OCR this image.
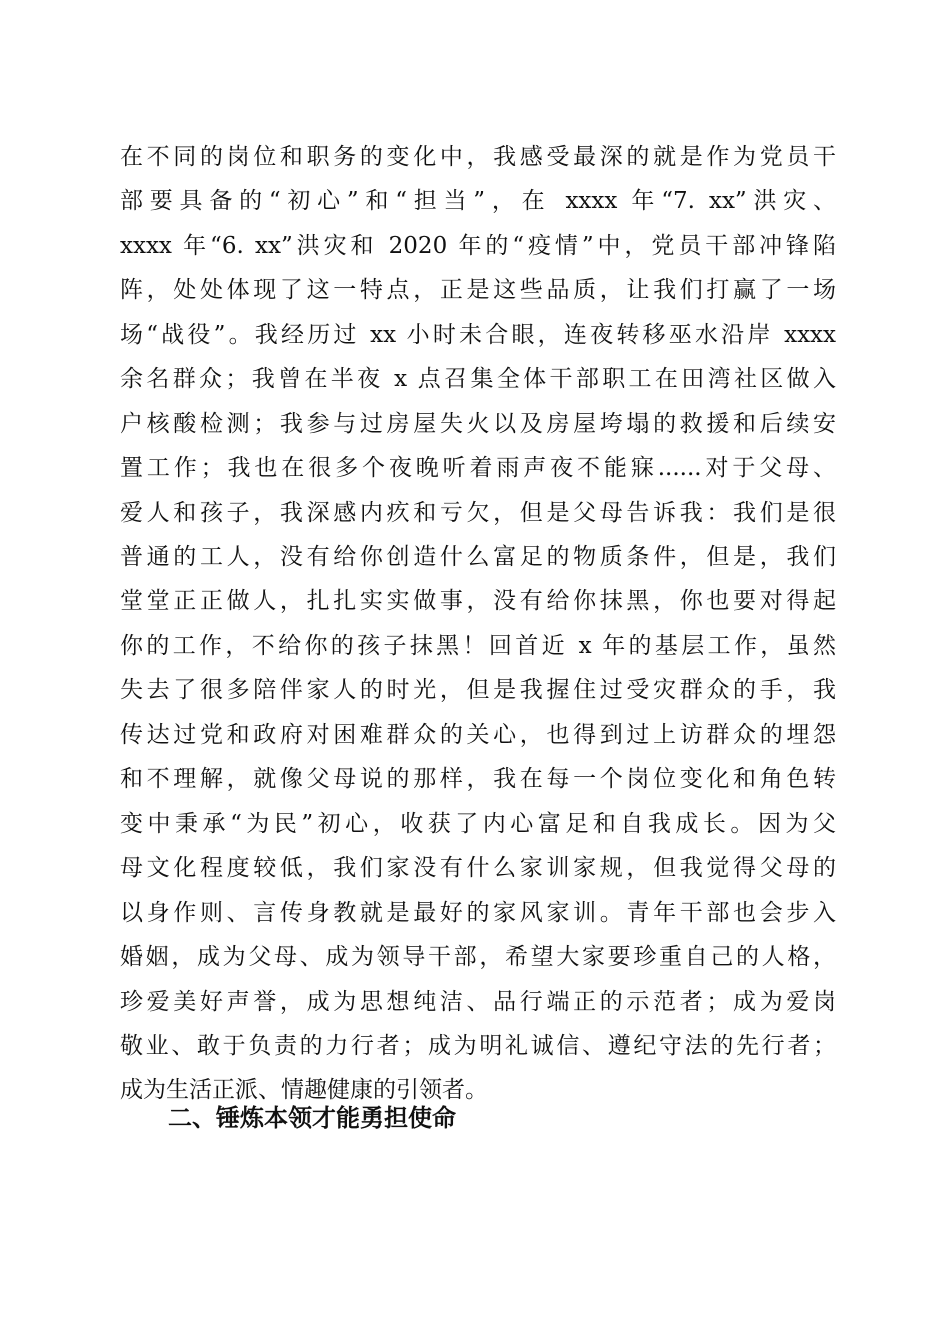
在不同的岗位和职务的变化中，我感受最深的就是作为党员干
部要具备的“初心”和“担当”，在 xxxx 年“7. xx”洪灾、
xxxx 年“6. xx”洪灾和 2020 年的“疫情”中，党员干部冲锋陷
阵，处处体现了这一特点，正是这些品质，让我们打赢了一场
场“战役”。我经历过 xx 小时未合眼，连夜转移巫水沿岸 xxxx
余名群众；我曾在半夜 x 点召集全体干部职工在田湾社区做入
户核酸检测；我参与过房屋失火以及房屋垮塌的救援和后续安
置工作；我也在很多个夜晚听着雨声夜不能寐......对于父母、
爱人和孩子，我深感内疚和亏欠，但是父母告诉我：我们是很
普通的工人，没有给你创造什么富足的物质条件，但是，我们
堂堂正正做人，扎扎实实做事，没有给你抹黑，你也要对得起
你的工作，不给你的孩子抹黑！回首近 x 年的基层工作，虽然
失去了很多陪伴家人的时光，但是我握住过受灾群众的手，我
传达过党和政府对困难群众的关心，也得到过上访群众的埋怨
和不理解，就像父母说的那样，我在每一个岗位变化和角色转
变中秉承“为民”初心，收获了内心富足和自我成长。因为父
母文化程度较低，我们家没有什么家训家规，但我觉得父母的
以身作则、言传身教就是最好的家风家训。青年干部也会步入
婚姻，成为父母、成为领导干部，希望大家要珍重自己的人格，
珍爱美好声誉，成为思想纯洁、品行端正的示范者；成为爱岗
敬业、敢于负责的力行者；成为明礼诚信、遵纪守法的先行者；
成为生活正派、情趣健康的引领者。
二、锤炼本领才能勇担使命
